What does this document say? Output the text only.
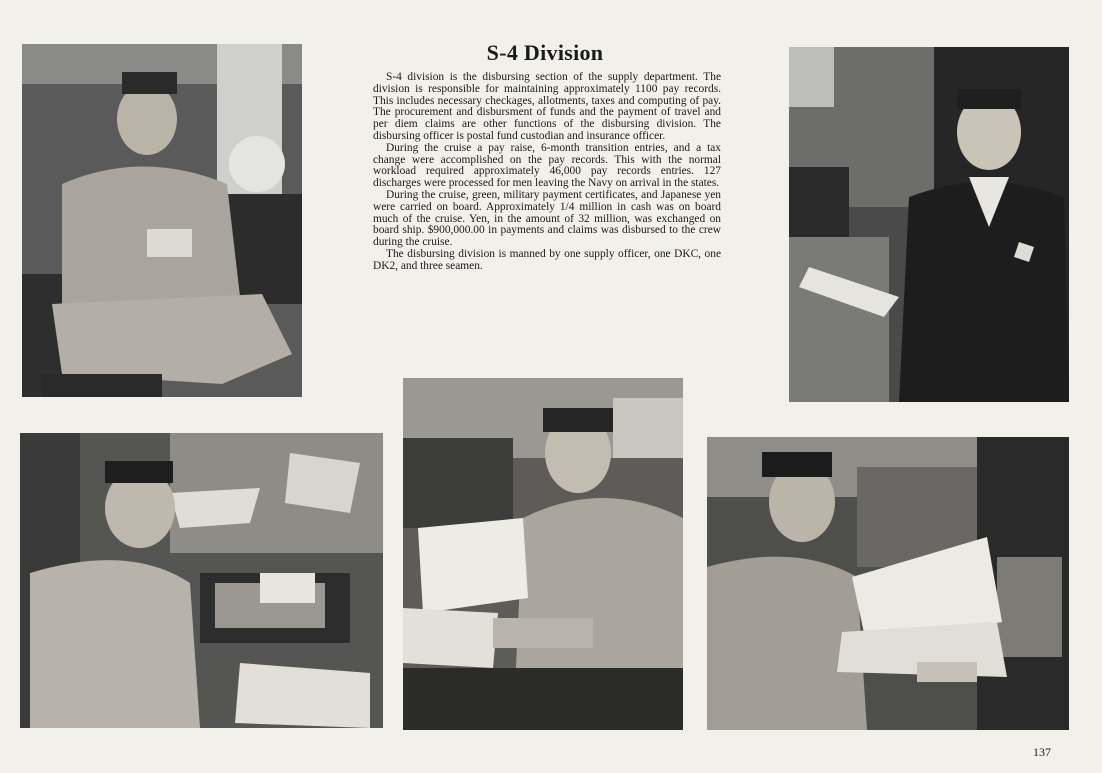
S-4 Division

S-4 division is the disbursing section of the supply department. The division is responsible for maintaining approximately 1100 pay records. This includes necessary checkages, allotments, taxes and computing of pay. The procurement and disbursment of funds and the payment of travel and per diem claims are other functions of the disbursing division. The disbursing officer is postal fund custodian and insurance officer.

During the cruise a pay raise, 6-month transition entries, and a tax change were accomplished on the pay records. This with the normal workload required approximately 46,000 pay records entries. 127 discharges were processed for men leaving the Navy on arrival in the states.

During the cruise, green, military payment certificates, and Japanese yen were carried on board. Approximately 1/4 million in cash was on board much of the cruise. Yen, in the amount of 32 million, was exchanged on board ship. $900,000.00 in payments and claims was disbursed to the crew during the cruise.

The disbursing division is manned by one supply officer, one DKC, one DK2, and three seamen.

137
